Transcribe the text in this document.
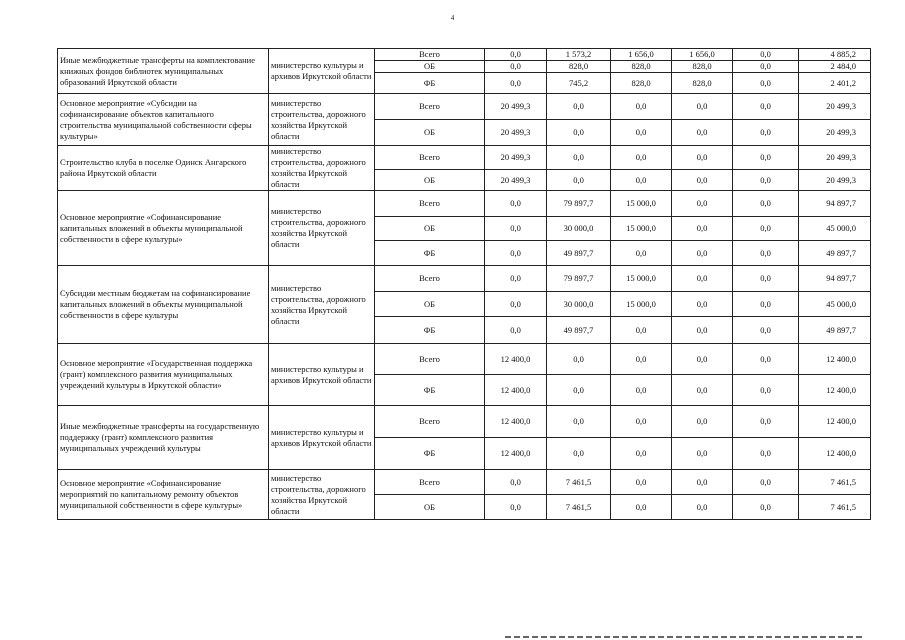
4
Иные межбюджетные трансферты на комплектование книжных фондов библиотек муниципальных образований Иркутской области	министерство культуры и архивов Иркутской области	Всего	0,0	1 573,2	1 656,0	1 656,0	0,0	4 885,2
		ОБ	0,0	828,0	828,0	828,0	0,0	2 484,0
		ФБ	0,0	745,2	828,0	828,0	0,0	2 401,2
Основное мероприятие «Субсидии на софинансирование объектов капитального строительства муниципальной собственности сферы культуры»	министерство строительства, дорожного хозяйства Иркутской области	Всего	20 499,3	0,0	0,0	0,0	0,0	20 499,3
		ОБ	20 499,3	0,0	0,0	0,0	0,0	20 499,3
Строительство клуба в поселке Одинск Ангарского района Иркутской области	министерство строительства, дорожного хозяйства Иркутской области	Всего	20 499,3	0,0	0,0	0,0	0,0	20 499,3
		ОБ	20 499,3	0,0	0,0	0,0	0,0	20 499,3
Основное мероприятие «Софинансирование капитальных вложений в объекты муниципальной собственности в сфере культуры»	министерство строительства, дорожного хозяйства Иркутской области	Всего	0,0	79 897,7	15 000,0	0,0	0,0	94 897,7
		ОБ	0,0	30 000,0	15 000,0	0,0	0,0	45 000,0
		ФБ	0,0	49 897,7	0,0	0,0	0,0	49 897,7
Субсидии местным бюджетам на софинансирование капитальных вложений в объекты муниципальной собственности в сфере культуры	министерство строительства, дорожного хозяйства Иркутской области	Всего	0,0	79 897,7	15 000,0	0,0	0,0	94 897,7
		ОБ	0,0	30 000,0	15 000,0	0,0	0,0	45 000,0
		ФБ	0,0	49 897,7	0,0	0,0	0,0	49 897,7
Основное мероприятие «Государственная поддержка (грант) комплексного развития муниципальных учреждений культуры в Иркутской области»	министерство культуры и архивов Иркутской области	Всего	12 400,0	0,0	0,0	0,0	0,0	12 400,0
		ФБ	12 400,0	0,0	0,0	0,0	0,0	12 400,0
Иные межбюджетные трансферты на государственную поддержку (грант) комплексного развития муниципальных учреждений культуры	министерство культуры и архивов Иркутской области	Всего	12 400,0	0,0	0,0	0,0	0,0	12 400,0
		ФБ	12 400,0	0,0	0,0	0,0	0,0	12 400,0
Основное мероприятие «Софинансирование мероприятий по капитальному ремонту объектов муниципальной собственности в сфере культуры»	министерство строительства, дорожного хозяйства Иркутской области	Всего	0,0	7 461,5	0,0	0,0	0,0	7 461,5
		ОБ	0,0	7 461,5	0,0	0,0	0,0	7 461,5
